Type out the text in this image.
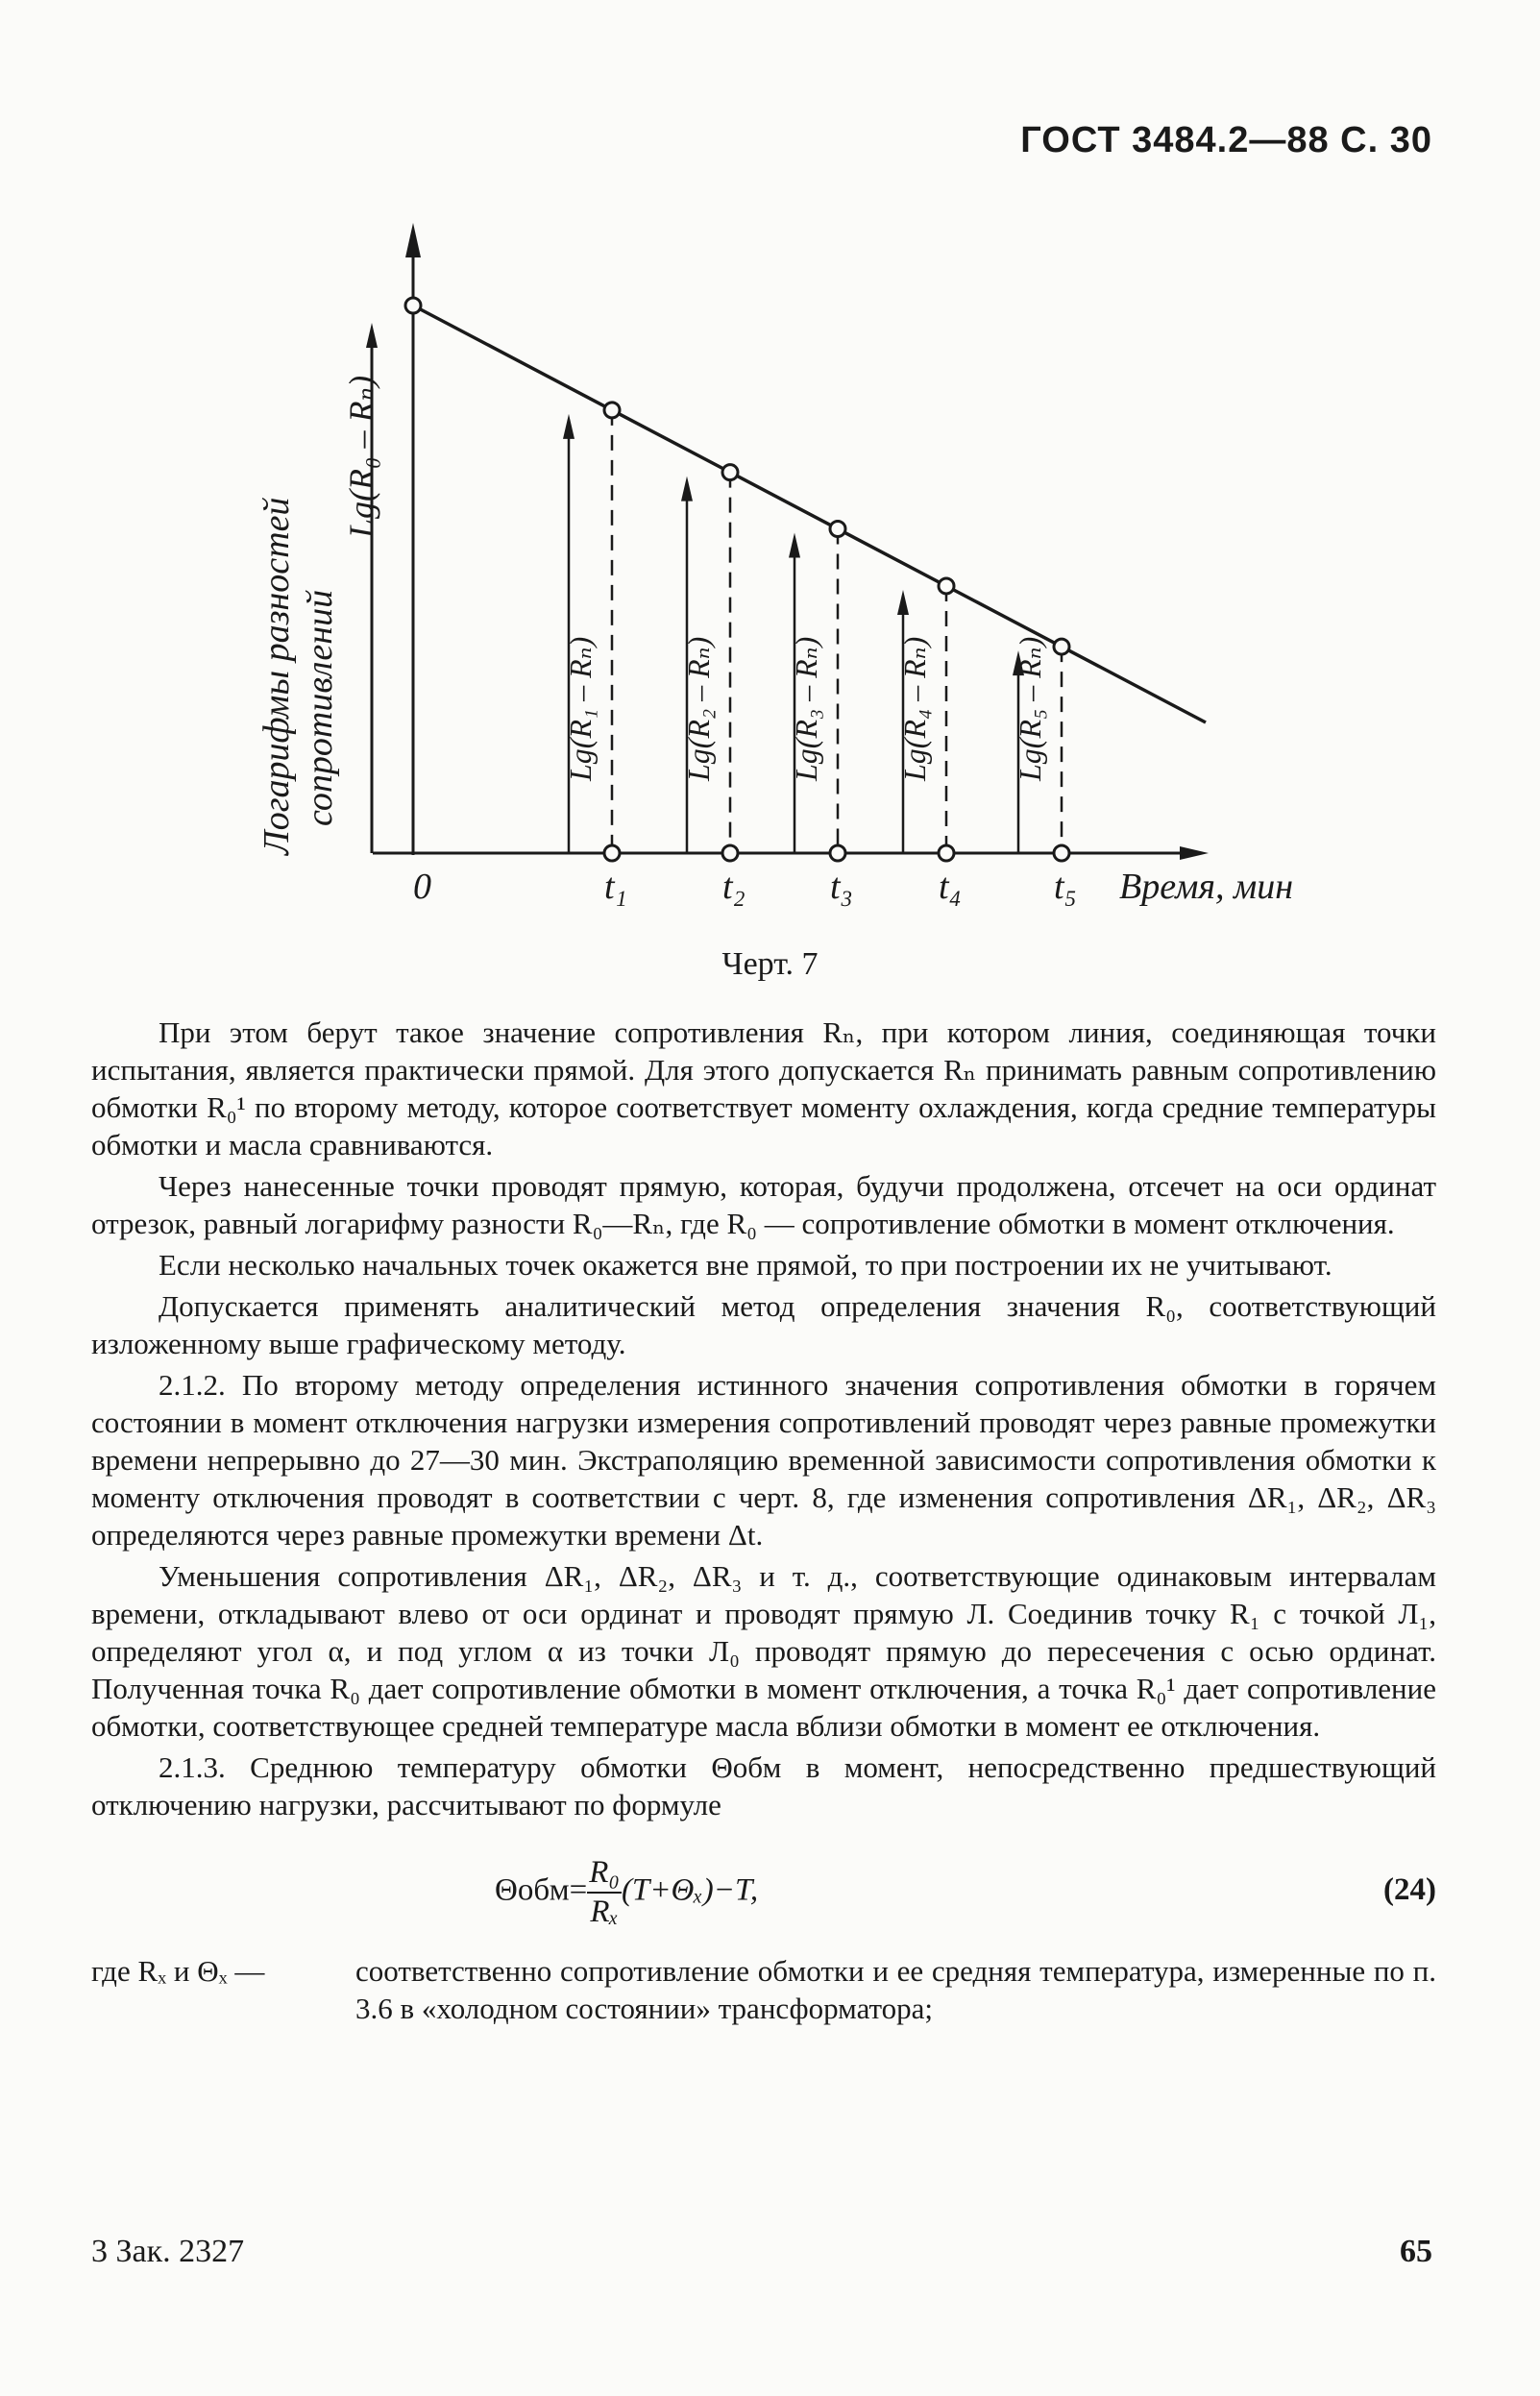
ГОСТ 3484.2—88 С. 30
Lg(R₁ – Rₙ)
t₁
Lg(R₂ – Rₙ)
t₂
Lg(R₃ – Rₙ)
t₃
Lg(R₄ – Rₙ)
t₄
Lg(R₅ – Rₙ)
t₅
Логарифмы разностей сопротивлений
Lg(R₀ – Rₙ)
0	Время, мин
Черт. 7

При этом берут такое значение сопротивления Rₙ, при котором линия, соединяющая точки испытания, является практически прямой. Для этого допускается Rₙ принимать равным сопротивлению обмотки R₀¹ по второму методу, которое соответствует моменту охлаждения, когда средние температуры обмотки и масла сравниваются.

Через нанесенные точки проводят прямую, которая, будучи продолжена, отсечет на оси ординат отрезок, равный логарифму разности R₀—Rₙ, где R₀ — сопротивление обмотки в момент отключения.

Если несколько начальных точек окажется вне прямой, то при построении их не учитывают.

Допускается применять аналитический метод определения значения R₀, соответствующий изложенному выше графическому методу.

2.1.2. По второму методу определения истинного значения сопротивления обмотки в горячем состоянии в момент отключения нагрузки измерения сопротивлений проводят через равные промежутки времени непрерывно до 27—30 мин. Экстраполяцию временной зависимости сопротивления обмотки к моменту отключения проводят в соответствии с черт. 8, где изменения сопротивления ΔR₁, ΔR₂, ΔR₃ определяются через равные промежутки времени Δt.

Уменьшения сопротивления ΔR₁, ΔR₂, ΔR₃ и т. д., соответствующие одинаковым интервалам времени, откладывают влево от оси ординат и проводят прямую Л. Соединив точку R₁ с точкой Л₁, определяют угол α, и под углом α из точки Л₀ проводят прямую до пересечения с осью ординат. Полученная точка R₀ дает сопротивление обмотки в момент отключения, а точка R₀¹ дает сопротивление обмотки, соответствующее средней температуре масла вблизи обмотки в момент ее отключения.

2.1.3. Среднюю температуру обмотки Θобм в момент, непосредственно предшествующий отключению нагрузки, рассчитывают по формуле

$\Theta обм= \frac{\text{R₀}}{\text{Rₓ}} (T+\Theta_x)-T$,	(24)
где Rₓ и Θₓ —	соответственно сопротивление обмотки и ее средняя температура, измеренные по п. 3.6 в «холодном состоянии» трансформатора;
3 Зак. 2327	65
